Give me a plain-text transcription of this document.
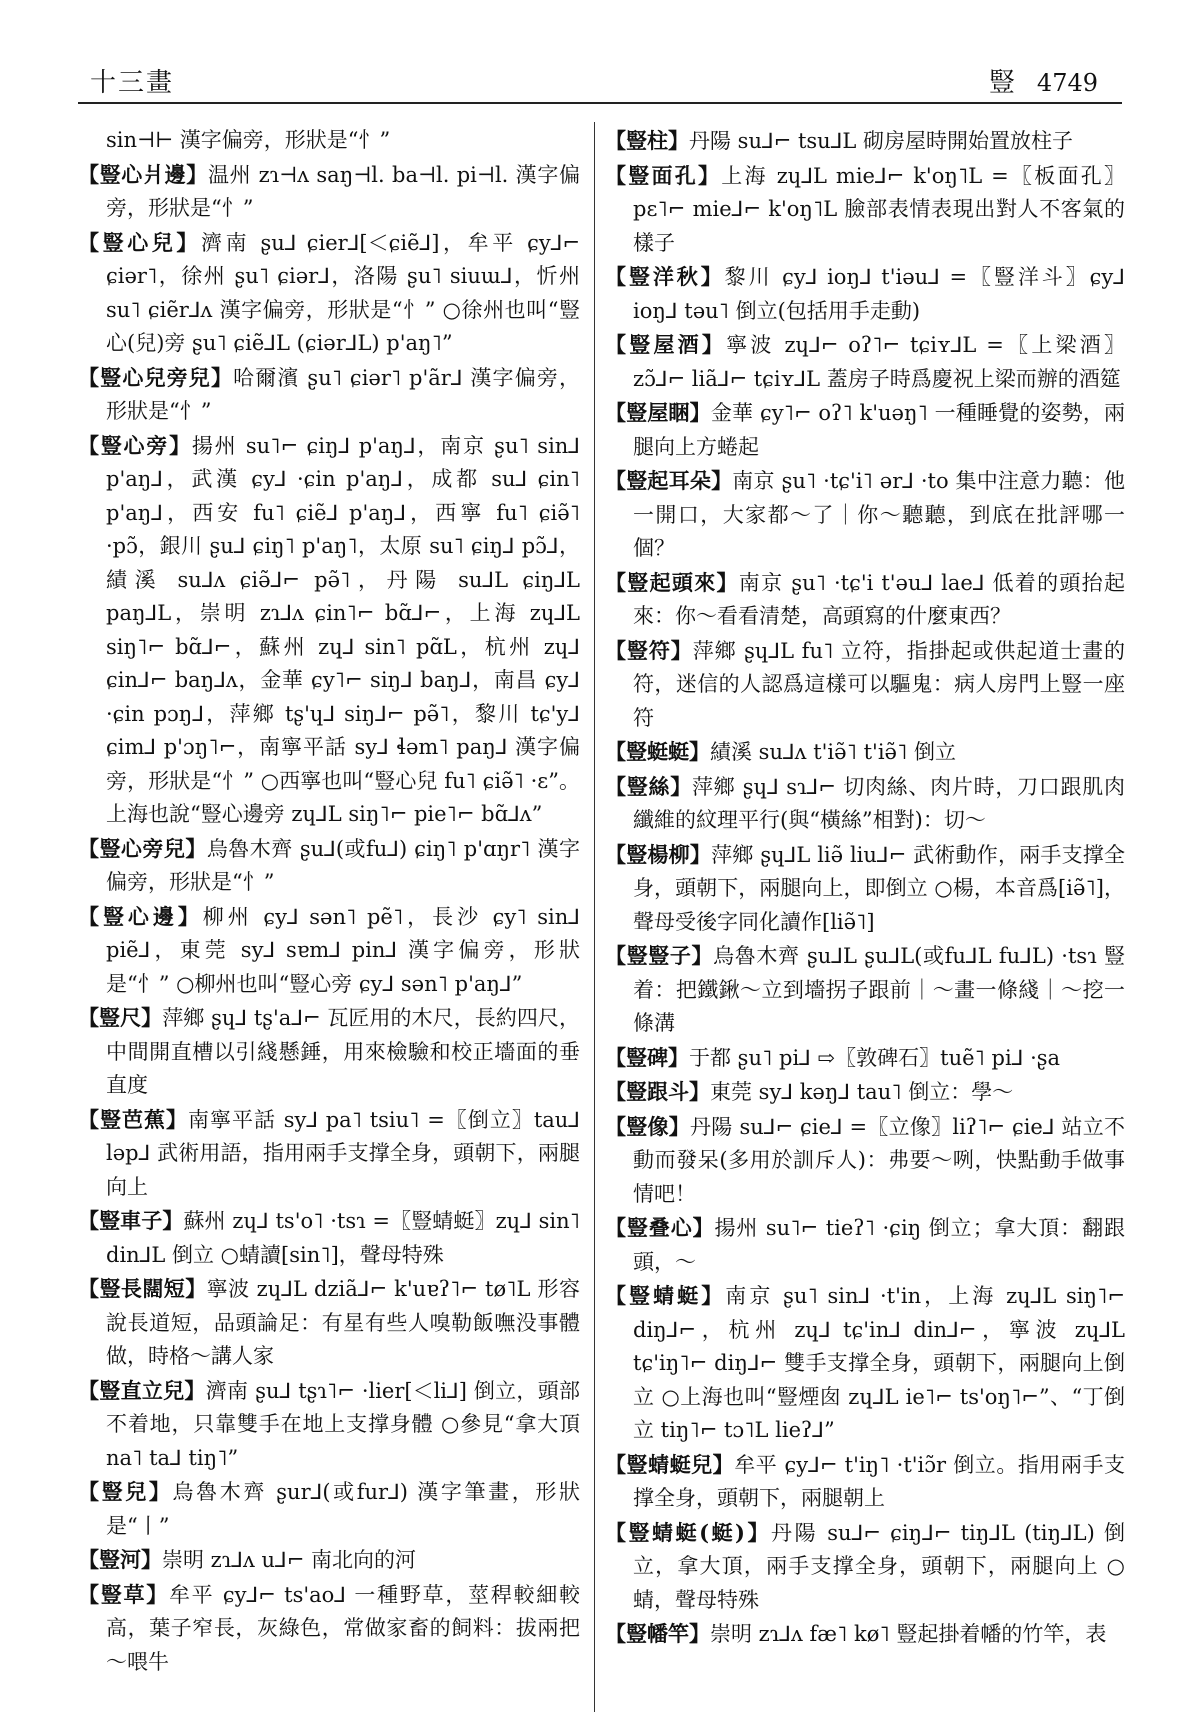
十三畫	豎 4749

sin⊣⊢ 漢字偏旁，形狀是“忄”

【豎心爿邊】温州 zɿ⊣ʌ saŋ⊣l. ba⊣l. pi⊣l. 漢字偏旁，形狀是“忄”

【豎心兒】濟南 ʂu⅃ ɕier⅃[＜ɕiẽ⅃]，牟平 ɕy⅃⌐ ɕiər˥，徐州 ʂu˥ ɕiər⅃，洛陽 ʂu˥ siuɯ⅃，忻州 su˥ ɕiẽr⅃ʌ 漢字偏旁，形狀是“忄” ○徐州也叫“豎心(兒)旁 ʂu˥ ɕiẽ⅃L (ɕiər⅃L) p'aŋ˥”

【豎心兒旁兒】哈爾濱 ʂu˥ ɕiər˥ p'ãr⅃ 漢字偏旁，形狀是“忄”

【豎心旁】揚州 su˥⌐ ɕiŋ⅃ p'aŋ⅃，南京 ʂu˥ sin⅃ p'aŋ⅃，武漢 ɕy⅃ ·ɕin p'aŋ⅃，成都 su⅃ ɕin˥ p'aŋ⅃，西安 fu˥ ɕiẽ⅃ p'aŋ⅃，西寧 fu˥ ɕiə̃˥ ·pɔ̃，銀川 ʂu⅃ ɕiŋ˥ p'aŋ˥，太原 su˥ ɕiŋ⅃ pɔ̃⅃，績溪 su⅃ʌ ɕiə̃⅃⌐ pə̃˥，丹陽 su⅃L ɕiŋ⅃L paŋ⅃L，崇明 zɿ⅃ʌ ɕin˥⌐ bɑ̃⅃⌐，上海 zɥ⅃L siŋ˥⌐ bɑ̃⅃⌐，蘇州 zɥ⅃ sin˥ pɑ̃L，杭州 zɥ⅃ ɕin⅃⌐ baŋ⅃ʌ，金華 ɕy˥⌐ siŋ⅃ baŋ⅃，南昌 ɕy⅃ ·ɕin pɔŋ⅃，萍鄉 tʂ'ɥ⅃ siŋ⅃⌐ pə̃˥，黎川 tɕ'y⅃ ɕim⅃ p'ɔŋ˥⌐，南寧平話 sy⅃ ɬəm˥ paŋ⅃ 漢字偏旁，形狀是“忄” ○西寧也叫“豎心兒 fu˥ ɕiə̃˥ ·ε”。上海也說“豎心邊旁 zɥ⅃L siŋ˥⌐ pie˥⌐ bɑ̃⅃ʌ”

【豎心旁兒】烏魯木齊 ʂu⅃(或fu⅃) ɕiŋ˥ p'ɑŋr˥ 漢字偏旁，形狀是“忄”

【豎心邊】柳州 ɕy⅃ sən˥ pẽ˥，長沙 ɕy˥ sin⅃ piẽ⅃，東莞 sy⅃ sɐm⅃ pin⅃ 漢字偏旁，形狀是“忄” ○柳州也叫“豎心旁 ɕy⅃ sən˥ p'aŋ⅃”

【豎尺】萍鄉 ʂɥ⅃ tʂ'a⅃⌐ 瓦匠用的木尺，長約四尺，中間開直槽以引綫懸錘，用來檢驗和校正墻面的垂直度

【豎芭蕉】南寧平話 sy⅃ pa˥ tsiu˥ =〖倒立〗tau⅃ ləp⅃ 武術用語，指用兩手支撑全身，頭朝下，兩腿向上

【豎車子】蘇州 zɥ⅃ ts'o˥ ·tsɿ =〖豎蜻蜓〗zɥ⅃ sin˥ din⅃L 倒立 ○蜻讀[sin˥]，聲母特殊

【豎長闊短】寧波 zɥ⅃L dziã⅃⌐ k'uɐʔ˥⌐ tø˥L 形容說長道短，品頭論足：有星有些人嗅勒飯嘸没事體做，時格～講人家

【豎直立兒】濟南 ʂu⅃ tʂɿ˥⌐ ·lier[＜li⅃] 倒立，頭部不着地，只靠雙手在地上支撑身體 ○參見“拿大頂 na˥ ta⅃ tiŋ˥”

【豎兒】烏魯木齊 ʂur⅃(或fur⅃) 漢字筆畫，形狀是“丨”

【豎河】崇明 zɿ⅃ʌ u⅃⌐ 南北向的河

【豎草】牟平 ɕy⅃⌐ ts'ao⅃ 一種野草，莖稈較細較高，葉子窄長，灰綠色，常做家畜的飼料：拔兩把～喂牛

【豎柱】丹陽 su⅃⌐ tsu⅃L 砌房屋時開始置放柱子

【豎面孔】上海 zɥ⅃L mie⅃⌐ k'oŋ˥L =〖板面孔〗pɛ˥⌐ mie⅃⌐ k'oŋ˥L 臉部表情表現出對人不客氣的樣子

【豎洋秋】黎川 ɕy⅃ ioŋ⅃ t'iəu⅃ =〖豎洋斗〗ɕy⅃ ioŋ⅃ təu˥ 倒立(包括用手走動)

【豎屋酒】寧波 zɥ⅃⌐ oʔ˥⌐ tɕiʏ⅃L =〖上梁酒〗zɔ̃⅃⌐ liã⅃⌐ tɕiʏ⅃L 蓋房子時爲慶祝上梁而辦的酒筵

【豎屋睏】金華 ɕy˥⌐ oʔ˥ k'uəŋ˥ 一種睡覺的姿勢，兩腿向上方蜷起

【豎起耳朵】南京 ʂu˥ ·tɕ'i˥ ər⅃ ·to 集中注意力聽：他一開口，大家都～了｜你～聽聽，到底在批評哪一個？

【豎起頭來】南京 ʂu˥ ·tɕ'i t'əu⅃ lae⅃ 低着的頭抬起來：你～看看清楚，高頭寫的什麼東西？

【豎符】萍鄉 ʂɥ⅃L fu˥ 立符，指掛起或供起道士畫的符，迷信的人認爲這樣可以驅鬼：病人房門上豎一座符

【豎蜓蜓】績溪 su⅃ʌ t'iə̃˥ t'iə̃˥ 倒立

【豎絲】萍鄉 ʂɥ⅃ sɿ⅃⌐ 切肉絲、肉片時，刀口跟肌肉纖維的紋理平行(與“橫絲”相對)：切～

【豎楊柳】萍鄉 ʂɥ⅃L liə̃ liu⅃⌐ 武術動作，兩手支撑全身，頭朝下，兩腿向上，即倒立 ○楊，本音爲[iə̃˥]，聲母受後字同化讀作[liə̃˥]

【豎豎子】烏魯木齊 ʂu⅃L ʂu⅃L(或fu⅃L fu⅃L) ·tsɿ 豎着：把鐵鍬～立到墻拐子跟前｜～畫一條綫｜～挖一條溝

【豎碑】于都 ʂu˥ pi⅃ ⇨〖敦碑石〗tuẽ˥ pi⅃ ·ʂa

【豎跟斗】東莞 sy⅃ kəŋ⅃ tau˥ 倒立：學～

【豎像】丹陽 su⅃⌐ ɕie⅃ =〖立像〗liʔ˥⌐ ɕie⅃ 站立不動而發呆(多用於訓斥人)：弗要～咧，快點動手做事情吧！

【豎叠心】揚州 su˥⌐ tieʔ˥ ·ɕiŋ 倒立；拿大頂：翻跟頭，～

【豎蜻蜓】南京 ʂu˥ sin⅃ ·t'in，上海 zɥ⅃L siŋ˥⌐ diŋ⅃⌐，杭州 zɥ⅃ tɕ'in⅃ din⅃⌐，寧波 zɥ⅃L tɕ'iŋ˥⌐ diŋ⅃⌐ 雙手支撑全身，頭朝下，兩腿向上倒立 ○上海也叫“豎煙囱 zɥ⅃L ie˥⌐ ts'oŋ˥⌐”、“丁倒立 tiŋ˥⌐ tɔ˥L lieʔ⅃”

【豎蜻蜓兒】牟平 ɕy⅃⌐ t'iŋ˥ ·t'iɔ̃r 倒立。指用兩手支撑全身，頭朝下，兩腿朝上

【豎蜻蜓(蜓)】丹陽 su⅃⌐ ɕiŋ⅃⌐ tiŋ⅃L (tiŋ⅃L) 倒立，拿大頂，兩手支撑全身，頭朝下，兩腿向上 ○蜻，聲母特殊

【豎幡竿】崇明 zɿ⅃ʌ fæ˥ kø˥ 豎起掛着幡的竹竿，表
